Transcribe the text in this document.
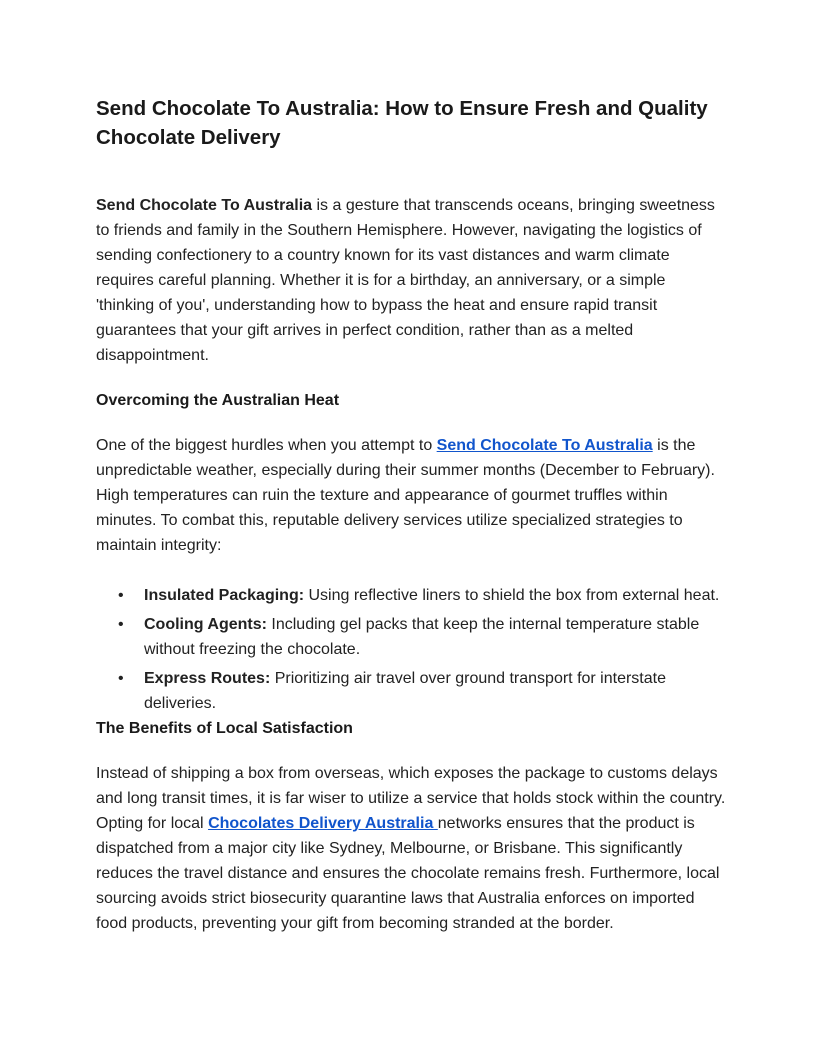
Send Chocolate To Australia: How to Ensure Fresh and Quality Chocolate Delivery

Send Chocolate To Australia is a gesture that transcends oceans, bringing sweetness to friends and family in the Southern Hemisphere. However, navigating the logistics of sending confectionery to a country known for its vast distances and warm climate requires careful planning. Whether it is for a birthday, an anniversary, or a simple 'thinking of you', understanding how to bypass the heat and ensure rapid transit guarantees that your gift arrives in perfect condition, rather than as a melted disappointment.

Overcoming the Australian Heat

One of the biggest hurdles when you attempt to Send Chocolate To Australia is the unpredictable weather, especially during their summer months (December to February). High temperatures can ruin the texture and appearance of gourmet truffles within minutes. To combat this, reputable delivery services utilize specialized strategies to maintain integrity:

• Insulated Packaging: Using reflective liners to shield the box from external heat.
• Cooling Agents: Including gel packs that keep the internal temperature stable without freezing the chocolate.
• Express Routes: Prioritizing air travel over ground transport for interstate deliveries.
The Benefits of Local Satisfaction

Instead of shipping a box from overseas, which exposes the package to customs delays and long transit times, it is far wiser to utilize a service that holds stock within the country. Opting for local Chocolates Delivery Australia networks ensures that the product is dispatched from a major city like Sydney, Melbourne, or Brisbane. This significantly reduces the travel distance and ensures the chocolate remains fresh. Furthermore, local sourcing avoids strict biosecurity quarantine laws that Australia enforces on imported food products, preventing your gift from becoming stranded at the border.
